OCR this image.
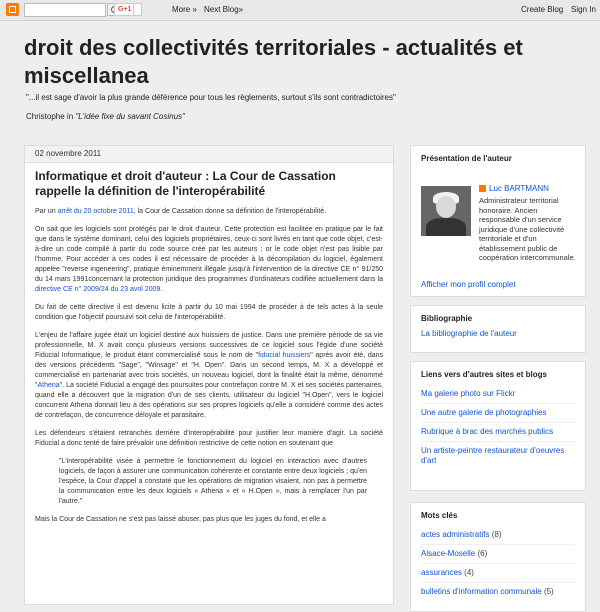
G+1	More » Next Blog»	Create Blog Sign In
droit des collectivités territoriales - actualités et miscellanea
"...il est sage d'avoir la plus grande déférence pour tous les règlements, surtout s'ils sont contradictoires"
Christophe in "L'idée fixe du savant Cosinus"
02 novembre 2011
Informatique et droit d'auteur : La Cour de Cassation rappelle la définition de l'interopérabilité

Par un arrêt du 20 octobre 2011, la Cour de Cassation donne sa définition de l'interopérabilité.

On sait que les logiciels sont protégés par le droit d'auteur. Cette protection est facilitée en pratique par le fait que dans le système dominant, celui des logiciels propriétaires, ceux-ci sont livrés en tant que code objet, c'est-à-dire un code compilé à partir du code source créé par les auteurs ; or le code objet n'est pas lisible par l'homme. Pour accéder à ces codes il est nécessaire de procéder à la décompilation du logiciel, également appelée "reverse ingeneering", pratique éminemment illégale jusqu'à l'intervention de la directive CE n° 91/250 du 14 mars 1991concernant la protection juridique des programmes d'ordinateurs codifiée actuellement dans la directive CE n° 2009/24 du 23 avril 2009.

Du fait de cette directive il est devenu licite à partir du 10 mai 1994 de procéder à de tels actes à la seule condition que l'objectif poursuivi soit celui de l'interopérabilité.

L'enjeu de l'affaire jugée était un logiciel destiné aux huissiers de justice. Dans une première période de sa vie professionnelle, M. X avait conçu plusieurs versions successives de ce logiciel sous l'égide d'une société Fiducial Informatique, le produit étant commercialisé sous le nom de "fiducial huissiers" après avoir été, dans des versions précédents "Sage", "Winsage" et "H. Open". Dans un second temps, M. X a développé et commercialisé en partenariat avec trois sociétés, un nouveau logiciel, dont la finalité était la même, dénommé "Athena". La société Fiducial a engagé des poursuites pour contrefaçon contre M. X et ses sociétés partenaires, quand elle a découvert que la migration d'un de ses clients, utilisateur du logiciel "H.Open", vers le logiciel concurrent Athena donnait lieu à des opérations sur ses propres logiciels qu'elle a considéré comme des actes de contrefaçon, de concurrence déloyale et parasitaire.

Les défendeurs s'étaient retranchés derrière d'interopérabilité pour justifier leur manière d'agir. La société Fiducial a donc tenté de faire prévaloir une définition restrictive de cette notion en soutenant que

"L'interopérabilité visée à permettre le fonctionnement du logiciel en interaction avec d'autres logiciels, de façon à assurer une communication cohérente et constante entre deux logiciels ; qu'en l'espèce, la Cour d'appel a constaté que les opérations de migration visaient, non pas à permettre la communication entre les deux logiciels « Athena » et « H.Open », mais à remplacer l'un par l'autre."

Mais la Cour de Cassation ne s'est pas laissé abuser, pas plus que les juges du fond, et elle a

Présentation de l'auteur
Luc BARTMANN
Administrateur territorial honoraire. Ancien responsable d'un service juridique d'une collectivité territoriale et d'un établissement public de coopération intercommunale.
Afficher mon profil complet
Bibliographie
La bibliographie de l'auteur
Liens vers d'autres sites et blogs
Ma galerie photo sur Flickr
Une autre galerie de photographies
Rubrique à brac des marchés publics
Un artiste-peintre restaurateur d'oeuvres d'art
Mots clés
actes administratifs (8)
Alsace-Moselle (6)
assurances (4)
bulletins d'information communale (5)
